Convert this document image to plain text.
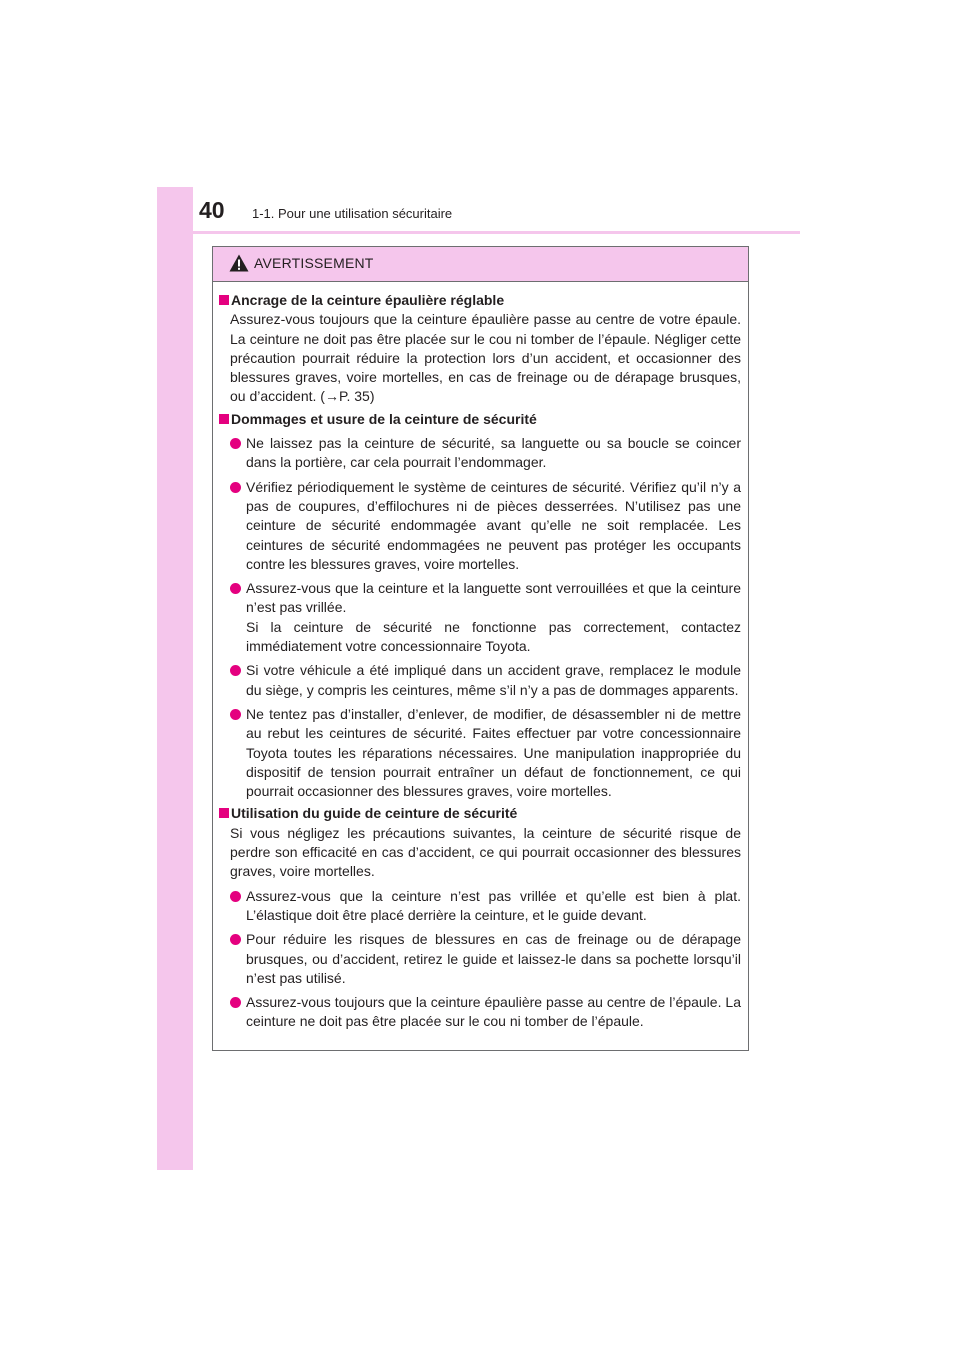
40 1-1. Pour une utilisation sécuritaire
AVERTISSEMENT
Ancrage de la ceinture épaulière réglable
Assurez-vous toujours que la ceinture épaulière passe au centre de votre épaule. La ceinture ne doit pas être placée sur le cou ni tomber de l’épaule. Négliger cette précaution pourrait réduire la protection lors d’un accident, et occasionner des blessures graves, voire mortelles, en cas de freinage ou de dérapage brusques, ou d’accident. (→P. 35)
Dommages et usure de la ceinture de sécurité
Ne laissez pas la ceinture de sécurité, sa languette ou sa boucle se coincer dans la portière, car cela pourrait l’endommager.
Vérifiez périodiquement le système de ceintures de sécurité. Vérifiez qu’il n’y a pas de coupures, d’effilochures ni de pièces desserrées. N’utilisez pas une ceinture de sécurité endommagée avant qu’elle ne soit remplacée. Les ceintures de sécurité endommagées ne peuvent pas protéger les occupants contre les blessures graves, voire mortelles.
Assurez-vous que la ceinture et la languette sont verrouillées et que la ceinture n’est pas vrillée.
Si la ceinture de sécurité ne fonctionne pas correctement, contactez immédiatement votre concessionnaire Toyota.
Si votre véhicule a été impliqué dans un accident grave, remplacez le module du siège, y compris les ceintures, même s’il n’y a pas de dommages apparents.
Ne tentez pas d’installer, d’enlever, de modifier, de désassembler ni de mettre au rebut les ceintures de sécurité. Faites effectuer par votre concessionnaire Toyota toutes les réparations nécessaires. Une manipulation inappropriée du dispositif de tension pourrait entraîner un défaut de fonctionnement, ce qui pourrait occasionner des blessures graves, voire mortelles.
Utilisation du guide de ceinture de sécurité
Si vous négligez les précautions suivantes, la ceinture de sécurité risque de perdre son efficacité en cas d’accident, ce qui pourrait occasionner des blessures graves, voire mortelles.
Assurez-vous que la ceinture n’est pas vrillée et qu’elle est bien à plat. L’élastique doit être placé derrière la ceinture, et le guide devant.
Pour réduire les risques de blessures en cas de freinage ou de dérapage brusques, ou d’accident, retirez le guide et laissez-le dans sa pochette lorsqu’il n’est pas utilisé.
Assurez-vous toujours que la ceinture épaulière passe au centre de l’épaule. La ceinture ne doit pas être placée sur le cou ni tomber de l’épaule.
